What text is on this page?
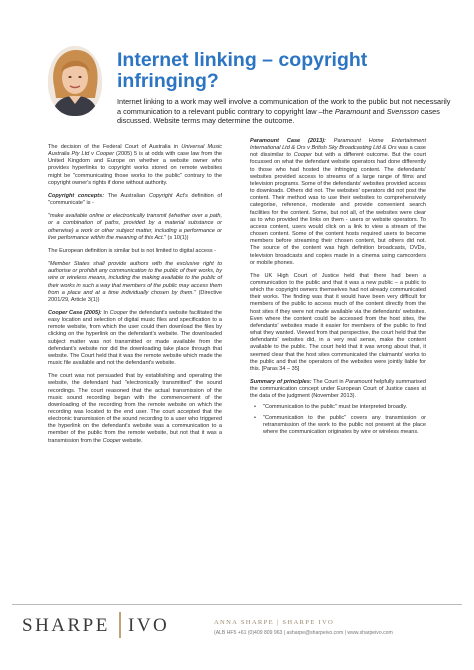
Internet linking – copyright infringing?
Internet linking to a work may well involve a communication of the work to the public but not necessarily a communication to a relevant public contrary to copyright law –the Paramount and Svensson cases discussed. Website terms may determine the outcome.

The decision of the Federal Court of Australia in Universal Music Australia Pty Ltd v Cooper (2005) 5 is at odds with case law from the United Kingdom and Europe on whether a website owner who provides hyperlinks to copyright works stored on remote websites might be "communicating those works to the public" contrary to the copyright owner's rights if done without authority.

Copyright concepts: The Australian Copyright Act's definition of "communicate" is -

"make available online or electronically transmit (whether over a path, or a combination of paths, provided by a material substance or otherwise) a work or other subject matter, including a performance or live performance within the meaning of this Act." (s 10(1))

The European definition is similar but is not limited to digital access -

"Member States shall provide authors with the exclusive right to authorise or prohibit any communication to the public of their works, by wire or wireless means, including the making available to the public of their works in such a way that members of the public may access them from a place and at a time individually chosen by them." (Directive 2001/29, Article 3(1))

Cooper Case (2005): In Cooper the defendant's website facilitated the easy location and selection of digital music files and specification to a remote website, from which the user could then download the files by clicking on the hyperlink on the defendant's website. The downloaded subject matter was not transmitted or made available from the defendant's website nor did the downloading take place through that website. The Court held that it was the remote website which made the music file available and not the defendant's website.

The court was not persuaded that by establishing and operating the website, the defendant had "electronically transmitted" the sound recordings. The court reasoned that the actual transmission of the music sound recording began with the commencement of the downloading of the recording from the remote website on which the recording was located to the end user. The court accepted that the electronic transmission of the sound recording to a user who triggered the hyperlink on the defendant's website was a communication to a member of the public from the remote website, but not that it was a transmission from the Cooper website.

Paramount Case (2013): Paramount Home Entertainment International Ltd & Ors v British Sky Broadcasting Ltd & Ors was a case not dissimilar to Cooper but with a different outcome. But the court focussed on what the defendant website operators had done differently to those who had hosted the infringing content. The defendants' websites provided access to streams of a large range of films and television programs. Some of the defendants' websites provided access to downloads. Others did not. The websites' operators did not post the content. Their method was to use their websites to comprehensively categorise, reference, moderate and provide convenient search facilities for the content. Some, but not all, of the websites were clear as to who provided the links on them - users or website operators. To access content, users would click on a link to view a stream of the chosen content. Some of the content hosts required users to become members before streaming their chosen content, but others did not. The source of the content was high definition broadcasts, DVDs, television broadcasts and copies made in a cinema using camcorders or mobile phones.

The UK High Court of Justice held that there had been a communication to the public and that it was a new public – a public to which the copyright owners themselves had not already communicated their works. The finding was that it would have been very difficult for members of the public to access much of the content directly from the host sites if they were not made available via the defendants' websites. Even where the content could be accessed from the host sites, the defendants' websites made it easier for members of the public to find what they wanted. Viewed from that perspective, the court held that the defendants' websites did, in a very real sense, make the content available to the public. The court held that it was wrong about that, it seemed clear that the host sites communicated the claimants' works to the public and that the operators of the websites were jointly liable for this. [Paras 34 – 35]

Summary of principles: The Court in Paramount helpfully summarised the communication concept under European Court of Justice cases at the data of the judgment (November 2013).

• "Communication to the public" must be interpreted broadly.
• "Communication to the public" covers any transmission or retransmission of the work to the public not present at the place where the communication originates by wire or wireless means.
SHARPE IVO	ANNA SHARPE | SHARPE IVO
(ALB HF5 +61 (0)409 809 963 | asharpe@sharpeivo.com | www.sharpeivo.com
